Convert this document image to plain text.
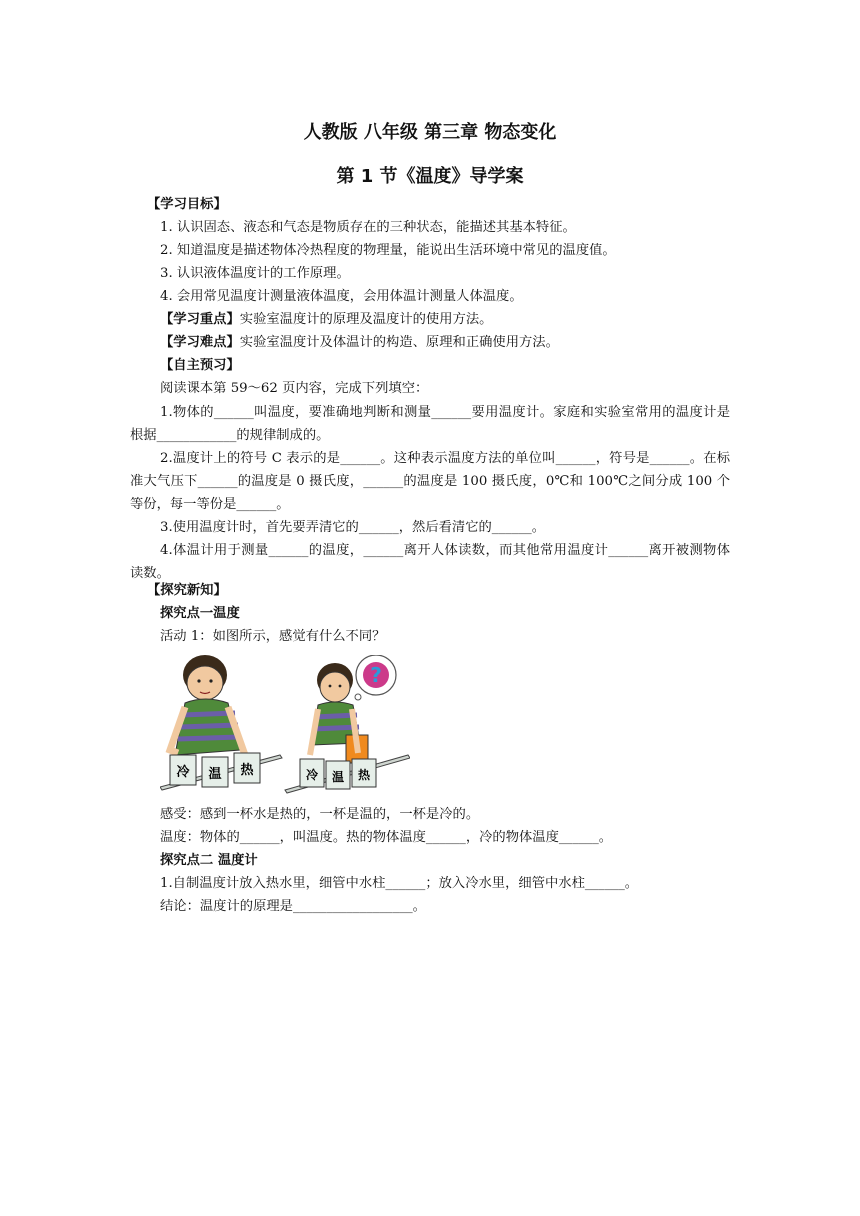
人教版 八年级 第三章 物态变化
第 1 节《温度》导学案
【学习目标】
1. 认识固态、液态和气态是物质存在的三种状态，能描述其基本特征。
2. 知道温度是描述物体冷热程度的物理量，能说出生活环境中常见的温度值。
3. 认识液体温度计的工作原理。
4. 会用常见温度计测量液体温度，会用体温计测量人体温度。
【学习重点】实验室温度计的原理及温度计的使用方法。
【学习难点】实验室温度计及体温计的构造、原理和正确使用方法。
【自主预习】
阅读课本第 59～62 页内容，完成下列填空：
1.物体的______叫温度，要准确地判断和测量______要用温度计。家庭和实验室常用的温度计是根据____________的规律制成的。
2.温度计上的符号 C 表示的是______。这种表示温度方法的单位叫______，符号是______。在标准大气压下______的温度是 0 摄氏度，______的温度是 100 摄氏度，0℃和 100℃之间分成 100 个等份，每一等份是______。
3.使用温度计时，首先要弄清它的______，然后看清它的______。
4.体温计用于测量______的温度，______离开人体读数，而其他常用温度计______离开被测物体读数。
【探究新知】
探究点一温度
活动 1：如图所示，感觉有什么不同？
冷 温 热
?
冷 温 热
感受：感到一杯水是热的，一杯是温的，一杯是冷的。
温度：物体的______，叫温度。热的物体温度______，冷的物体温度______。
探究点二 温度计
1.自制温度计放入热水里，细管中水柱______；放入冷水里，细管中水柱______。
结论：温度计的原理是__________________。
